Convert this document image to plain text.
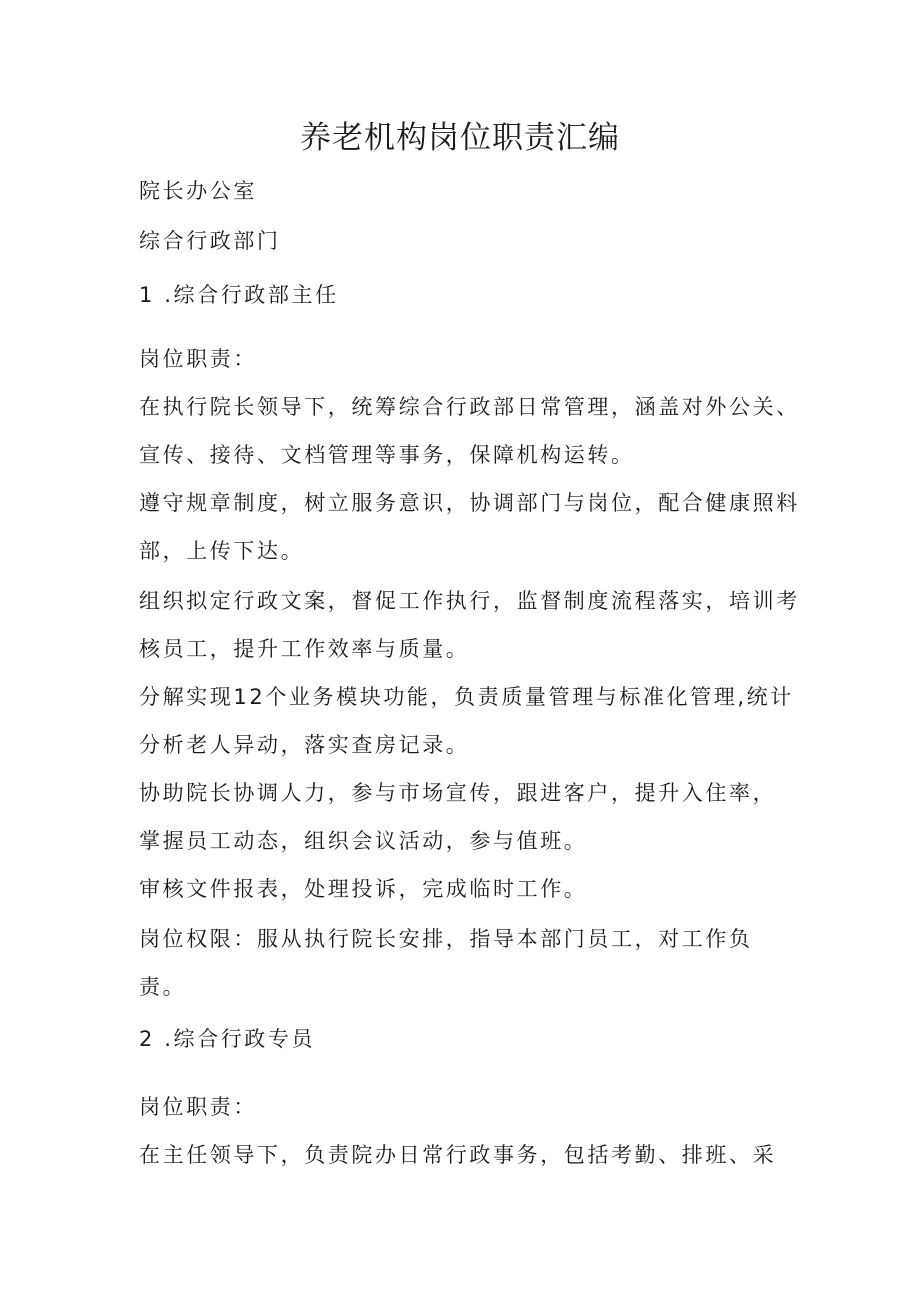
养老机构岗位职责汇编
院长办公室
综合行政部门
1 .综合行政部主任
岗位职责：
在执行院长领导下，统筹综合行政部日常管理，涵盖对外公关、
宣传、接待、文档管理等事务，保障机构运转。
遵守规章制度，树立服务意识，协调部门与岗位，配合健康照料
部，上传下达。
组织拟定行政文案，督促工作执行，监督制度流程落实，培训考
核员工，提升工作效率与质量。
分解实现12个业务模块功能，负责质量管理与标准化管理,统计
分析老人异动，落实查房记录。
协助院长协调人力，参与市场宣传，跟进客户，提升入住率，
掌握员工动态，组织会议活动，参与值班。
审核文件报表，处理投诉，完成临时工作。
岗位权限：服从执行院长安排，指导本部门员工，对工作负
责。
2 .综合行政专员
岗位职责：
在主任领导下，负责院办日常行政事务，包括考勤、排班、采
